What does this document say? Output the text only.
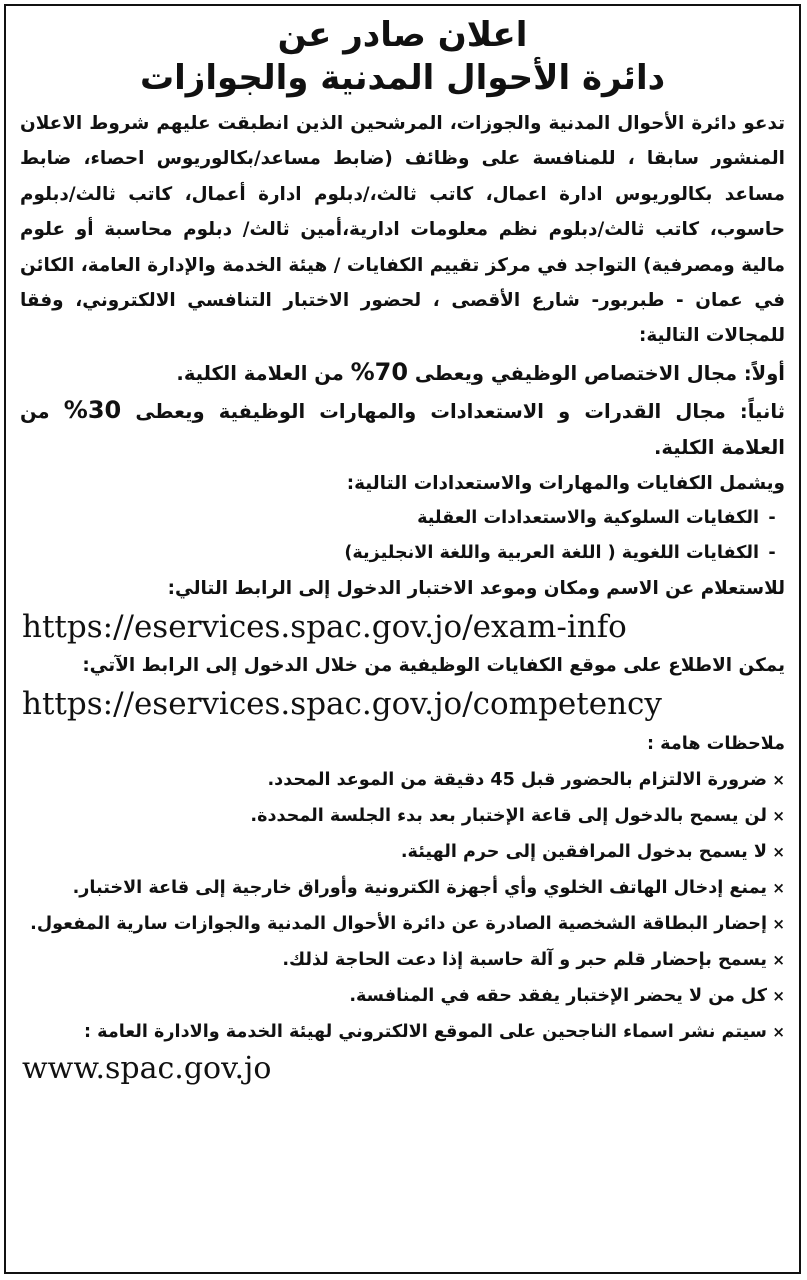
اعلان صادر عن
دائرة الأحوال المدنية والجوازات

تدعو دائرة الأحوال المدنية والجوزات، المرشحين الذين انطبقت عليهم شروط الاعلان المنشور سابقا ، للمنافسة على وظائف (ضابط مساعد/بكالوريوس احصاء، ضابط مساعد بكالوريوس ادارة اعمال، كاتب ثالث،/دبلوم ادارة أعمال، كاتب ثالث/دبلوم حاسوب، كاتب ثالث/دبلوم نظم معلومات ادارية،أمين ثالث/ دبلوم محاسبة أو علوم مالية ومصرفية) التواجد في مركز تقييم الكفايات / هيئة الخدمة والإدارة العامة، الكائن في عمان - طبربور- شارع الأقصى ، لحضور الاختبار التنافسي الالكتروني، وفقا للمجالات التالية:

أولاً: مجال الاختصاص الوظيفي ويعطى 70% من العلامة الكلية.

ثانياً: مجال القدرات و الاستعدادات والمهارات الوظيفية ويعطى 30% من العلامة الكلية.

ويشمل الكفايات والمهارات والاستعدادات التالية:

-الكفايات السلوكية والاستعدادات العقلية

-الكفايات اللغوية ( اللغة العربية واللغة الانجليزية)

للاستعلام عن الاسم ومكان وموعد الاختبار الدخول إلى الرابط التالي:

https://eservices.spac.gov.jo/exam-info

يمكن الاطلاع على موقع الكفايات الوظيفية من خلال الدخول إلى الرابط الآتي:

https://eservices.spac.gov.jo/competency

ملاحظات هامة :

×
ضرورة الالتزام بالحضور قبل 45 دقيقة من الموعد المحدد.

×
لن يسمح بالدخول إلى قاعة الإختبار بعد بدء الجلسة المحددة.

×
لا يسمح بدخول المرافقين إلى حرم الهيئة.

×
يمنع إدخال الهاتف الخلوي وأي أجهزة الكترونية وأوراق خارجية إلى قاعة الاختبار.

×
إحضار البطاقة الشخصية الصادرة عن دائرة الأحوال المدنية والجوازات سارية المفعول.

×
يسمح بإحضار قلم حبر و آلة حاسبة إذا دعت الحاجة لذلك.

×
كل من لا يحضر الإختبار يفقد حقه في المنافسة.

×
سيتم نشر اسماء الناجحين على الموقع الالكتروني لهيئة الخدمة والادارة العامة :

www.spac.gov.jo
